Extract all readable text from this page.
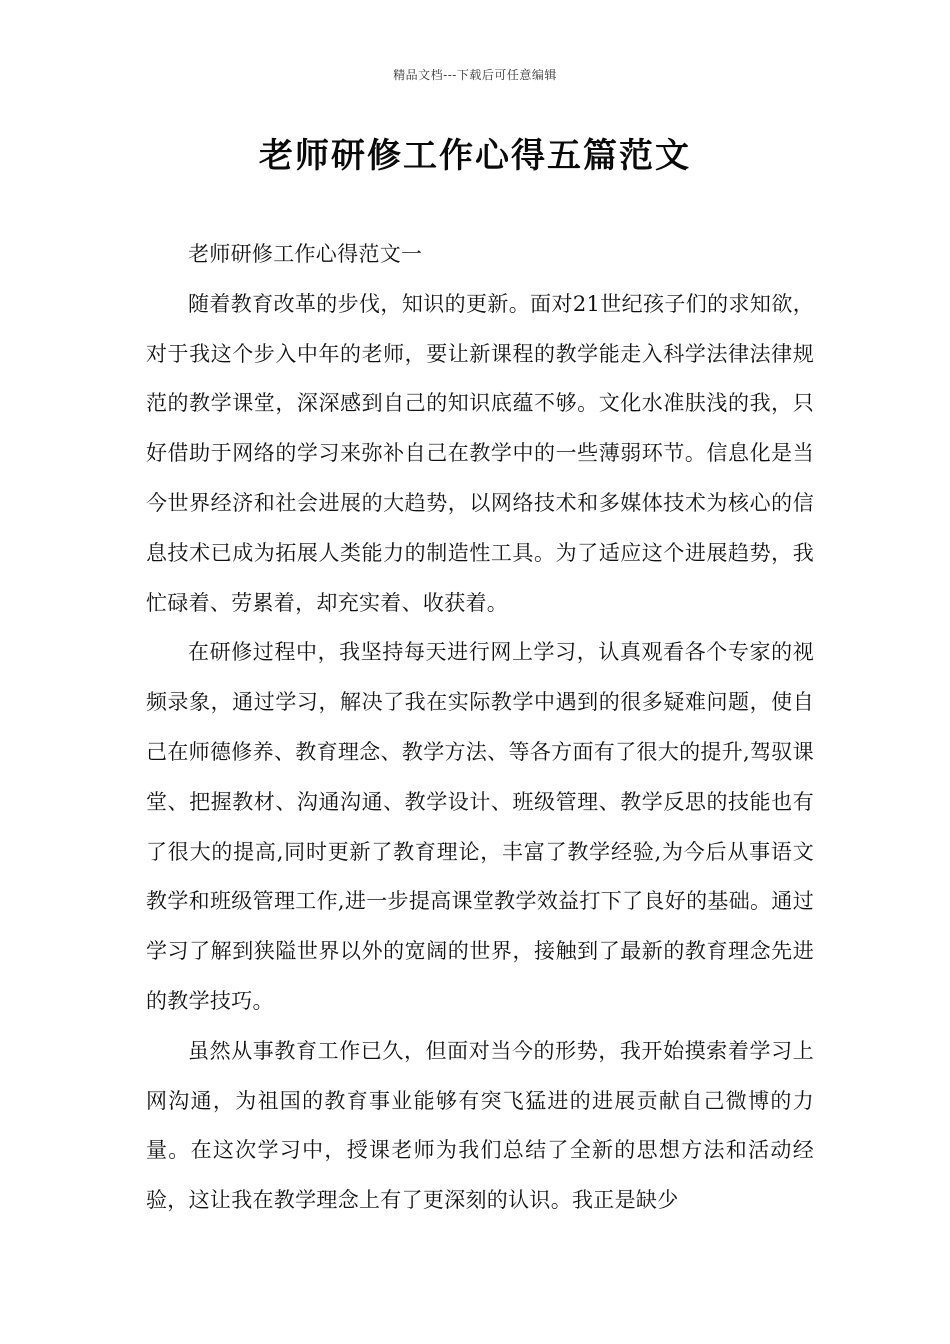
精品文档---下载后可任意编辑
老师研修工作心得五篇范文

老师研修工作心得范文一

随着教育改革的步伐，知识的更新。面对21世纪孩子们的求知欲，对于我这个步入中年的老师，要让新课程的教学能走入科学法律法律规范的教学课堂，深深感到自己的知识底蕴不够。文化水准肤浅的我，只好借助于网络的学习来弥补自己在教学中的一些薄弱环节。信息化是当今世界经济和社会进展的大趋势，以网络技术和多媒体技术为核心的信息技术已成为拓展人类能力的制造性工具。为了适应这个进展趋势，我忙碌着、劳累着，却充实着、收获着。

在研修过程中，我坚持每天进行网上学习，认真观看各个专家的视频录象，通过学习，解决了我在实际教学中遇到的很多疑难问题，使自己在师德修养、教育理念、教学方法、等各方面有了很大的提升,驾驭课堂、把握教材、沟通沟通、教学设计、班级管理、教学反思的技能也有了很大的提高,同时更新了教育理论，丰富了教学经验,为今后从事语文教学和班级管理工作,进一步提高课堂教学效益打下了良好的基础。通过学习了解到狭隘世界以外的宽阔的世界，接触到了最新的教育理念先进的教学技巧。

虽然从事教育工作已久，但面对当今的形势，我开始摸索着学习上网沟通，为祖国的教育事业能够有突飞猛进的进展贡献自己微博的力量。在这次学习中，授课老师为我们总结了全新的思想方法和活动经验，这让我在教学理念上有了更深刻的认识。我正是缺少
